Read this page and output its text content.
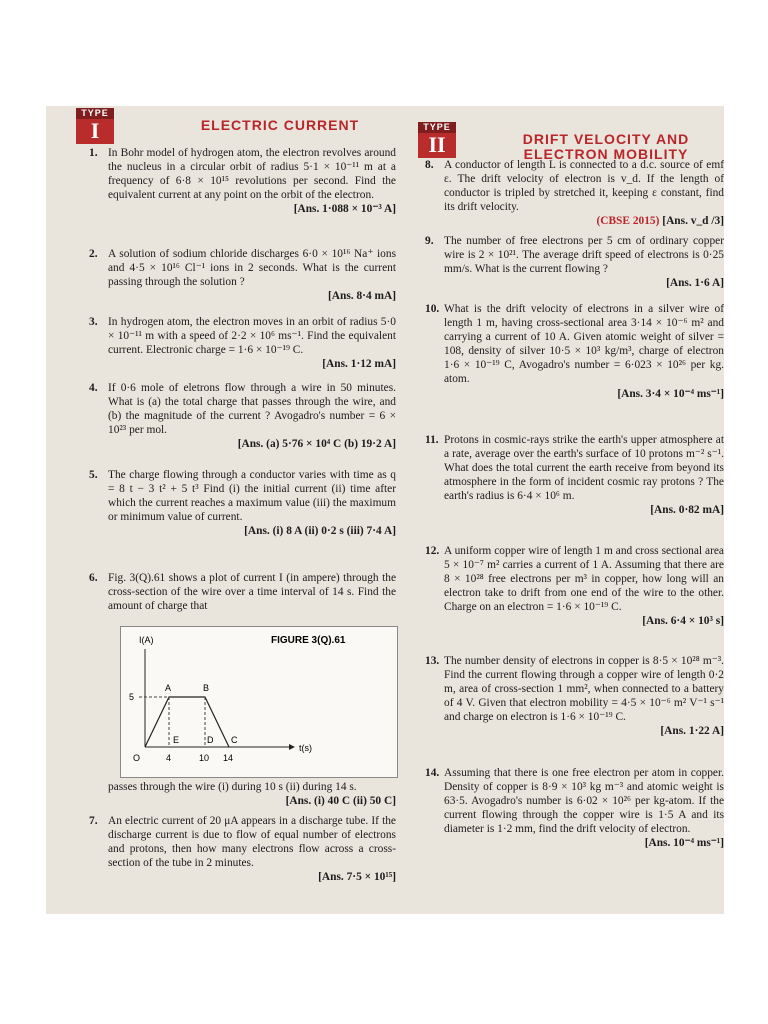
TYPE
I	ELECTRIC CURRENT
1. In Bohr model of hydrogen atom, the electron revolves around the nucleus in a circular orbit of radius 5·1 × 10⁻¹¹ m at a frequency of 6·8 × 10¹⁵ revolutions per second. Find the equivalent current at any point on the orbit of the electron.
[Ans. 1·088 × 10⁻³ A]
2. A solution of sodium chloride discharges 6·0 × 10¹⁶ Na⁺ ions and 4·5 × 10¹⁶ Cl⁻¹ ions in 2 seconds. What is the current passing through the solution ?
[Ans. 8·4 mA]
3. In hydrogen atom, the electron moves in an orbit of radius 5·0 × 10⁻¹¹ m with a speed of 2·2 × 10⁶ ms⁻¹. Find the equivalent current. Electronic charge = 1·6 × 10⁻¹⁹ C.
[Ans. 1·12 mA]
4. If 0·6 mole of eletrons flow through a wire in 50 minutes. What is (a) the total charge that passes through the wire, and (b) the magnitude of the current ? Avogadro's number = 6 × 10²³ per mol.
[Ans. (a) 5·76 × 10⁴ C (b) 19·2 A]
5. The charge flowing through a conductor varies with time as q = 8 t − 3 t² + 5 t³ Find (i) the initial current (ii) time after which the current reaches a maximum value (iii) the maximum or minimum value of current.
[Ans. (i) 8 A (ii) 0·2 s (iii) 7·4 A]
6. Fig. 3(Q).61 shows a plot of current I (in ampere) through the cross-section of the wire over a time interval of 14 s. Find the amount of charge that
FIGURE 3(Q).61
I(A)
5
A	B
C
D
E
O	4	10 14
t(s)
passes through the wire (i) during 10 s (ii) during 14 s.
[Ans. (i) 40 C (ii) 50 C]
7. An electric current of 20 μA appears in a discharge tube. If the discharge current is due to flow of equal number of electrons and protons, then how many electrons flow across a cross-section of the tube in 2 minutes.
[Ans. 7·5 × 10¹⁵]
TYPE
II	DRIFT VELOCITY AND
ELECTRON MOBILITY
8. A conductor of length L is connected to a d.c. source of emf ε. The drift velocity of electron is v_d. If the length of conductor is tripled by stretched it, keeping ε constant, find its drift velocity.
(CBSE 2015) [Ans. v_d /3]
9. The number of free electrons per 5 cm of ordinary copper wire is 2 × 10²¹. The average drift speed of electrons is 0·25 mm/s. What is the current flowing ?
[Ans. 1·6 A]
10. What is the drift velocity of electrons in a silver wire of length 1 m, having cross-sectional area 3·14 × 10⁻⁶ m² and carrying a current of 10 A. Given atomic weight of silver = 108, density of silver 10·5 × 10³ kg/m³, charge of electron 1·6 × 10⁻¹⁹ C, Avogadro's number = 6·023 × 10²⁶ per kg. atom.
[Ans. 3·4 × 10⁻⁴ ms⁻¹]
11. Protons in cosmic-rays strike the earth's upper atmosphere at a rate, average over the earth's surface of 10 protons m⁻² s⁻¹. What does the total current the earth receive from beyond its atmosphere in the form of incident cosmic ray protons ? The earth's radius is 6·4 × 10⁶ m.
[Ans. 0·82 mA]
12. A uniform copper wire of length 1 m and cross sectional area 5 × 10⁻⁷ m² carries a current of 1 A. Assuming that there are 8 × 10²⁸ free electrons per m³ in copper, how long will an electron take to drift from one end of the wire to the other. Charge on an electron = 1·6 × 10⁻¹⁹ C.
[Ans. 6·4 × 10³ s]
13. The number density of electrons in copper is 8·5 × 10²⁸ m⁻³. Find the current flowing through a copper wire of length 0·2 m, area of cross-section 1 mm², when connected to a battery of 4 V. Given that electron mobility = 4·5 × 10⁻⁶ m² V⁻¹ s⁻¹ and charge on electron is 1·6 × 10⁻¹⁹ C.
[Ans. 1·22 A]
14. Assuming that there is one free electron per atom in copper. Density of copper is 8·9 × 10³ kg m⁻³ and atomic weight is 63·5. Avogadro's number is 6·02 × 10²⁶ per kg-atom. If the current flowing through the copper wire is 1·5 A and its diameter is 1·2 mm, find the drift velocity of electron.
[Ans. 10⁻⁴ ms⁻¹]
